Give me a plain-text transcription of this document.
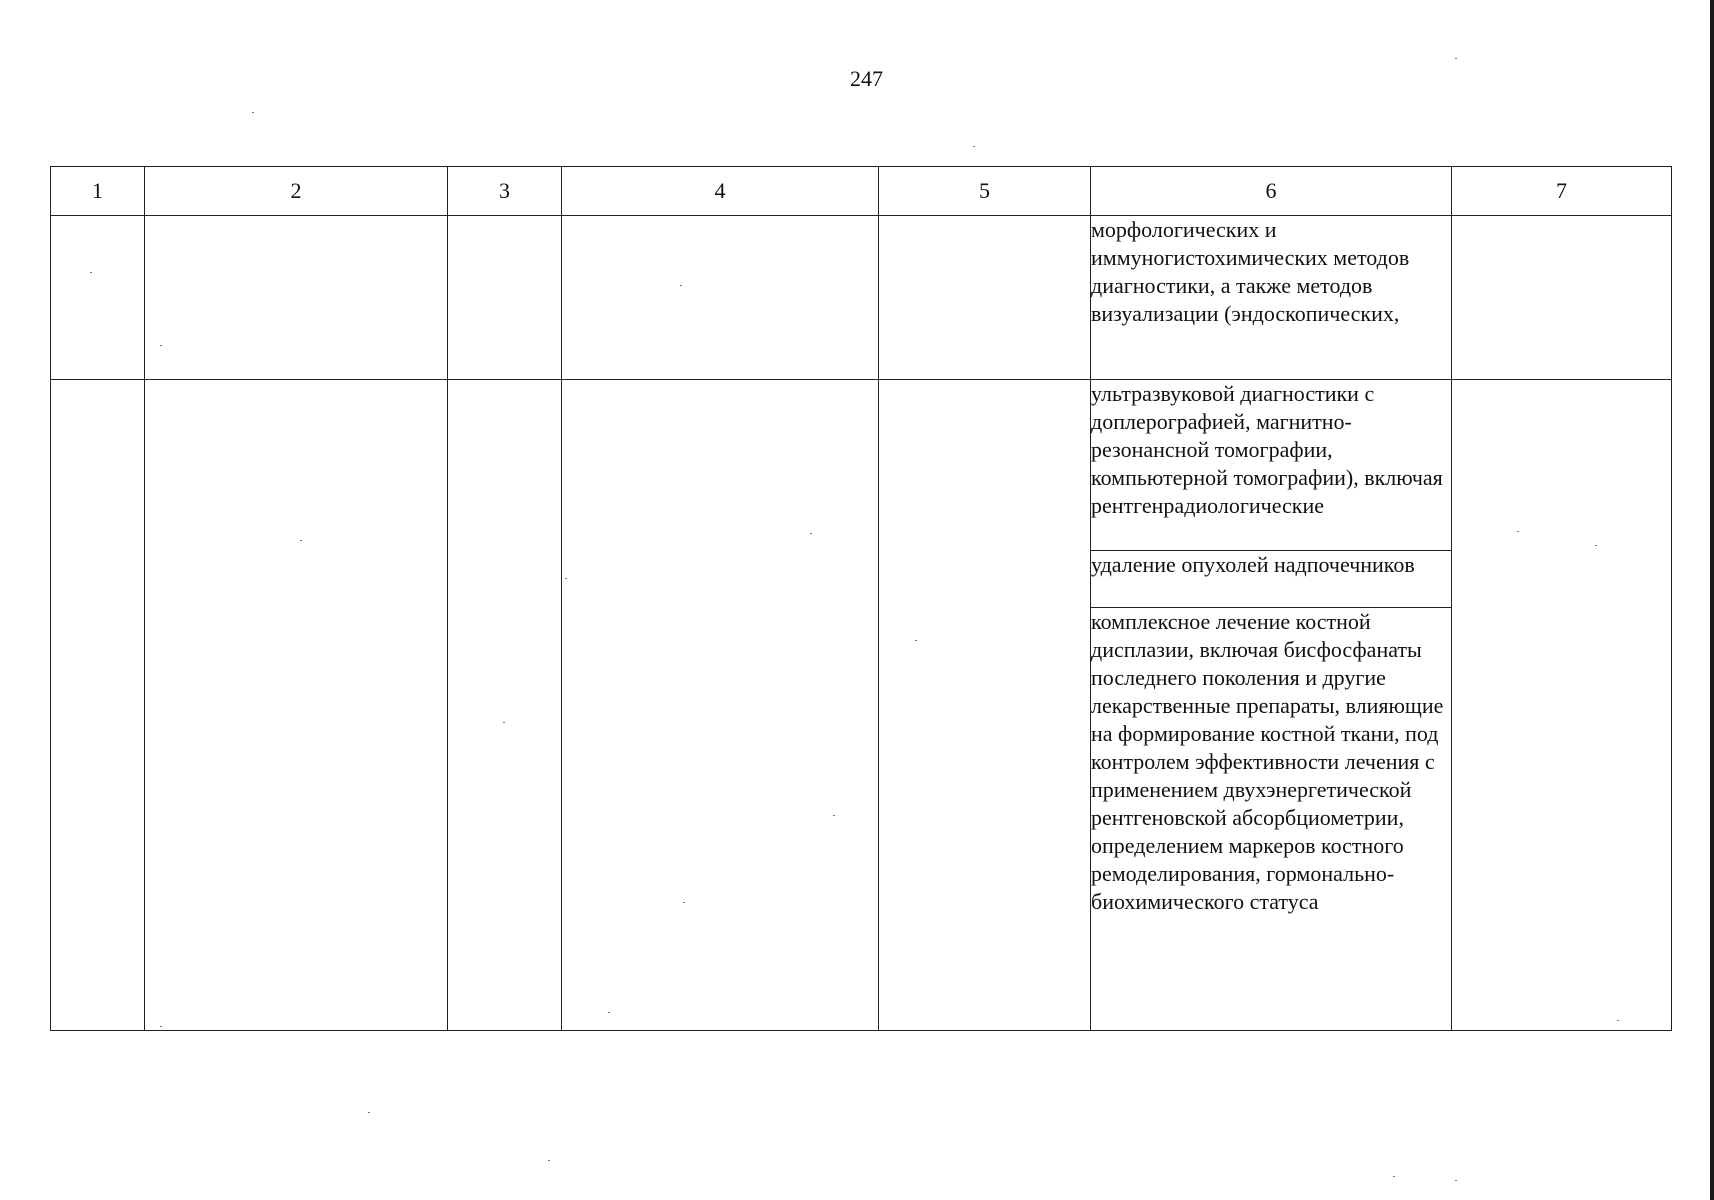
247
1	2	3	4	5	6	7
					морфологических и иммуногистохимических методов диагностики, а также методов визуализации (эндоскопических,	
					ультразвуковой диагностики с доплерографией, магнитно-резонансной томографии, компьютерной томографии), включая рентгенрадиологические	
					удаление опухолей надпочечников	
					комплексное лечение костной дисплазии, включая бисфосфанаты последнего поколения и другие лекарственные препараты, влияющие на формирование костной ткани, под контролем эффективности лечения с применением двухэнергетической рентгеновской абсорбциометрии, определением маркеров костного ремоделирования, гормонально-биохимического статуса	
